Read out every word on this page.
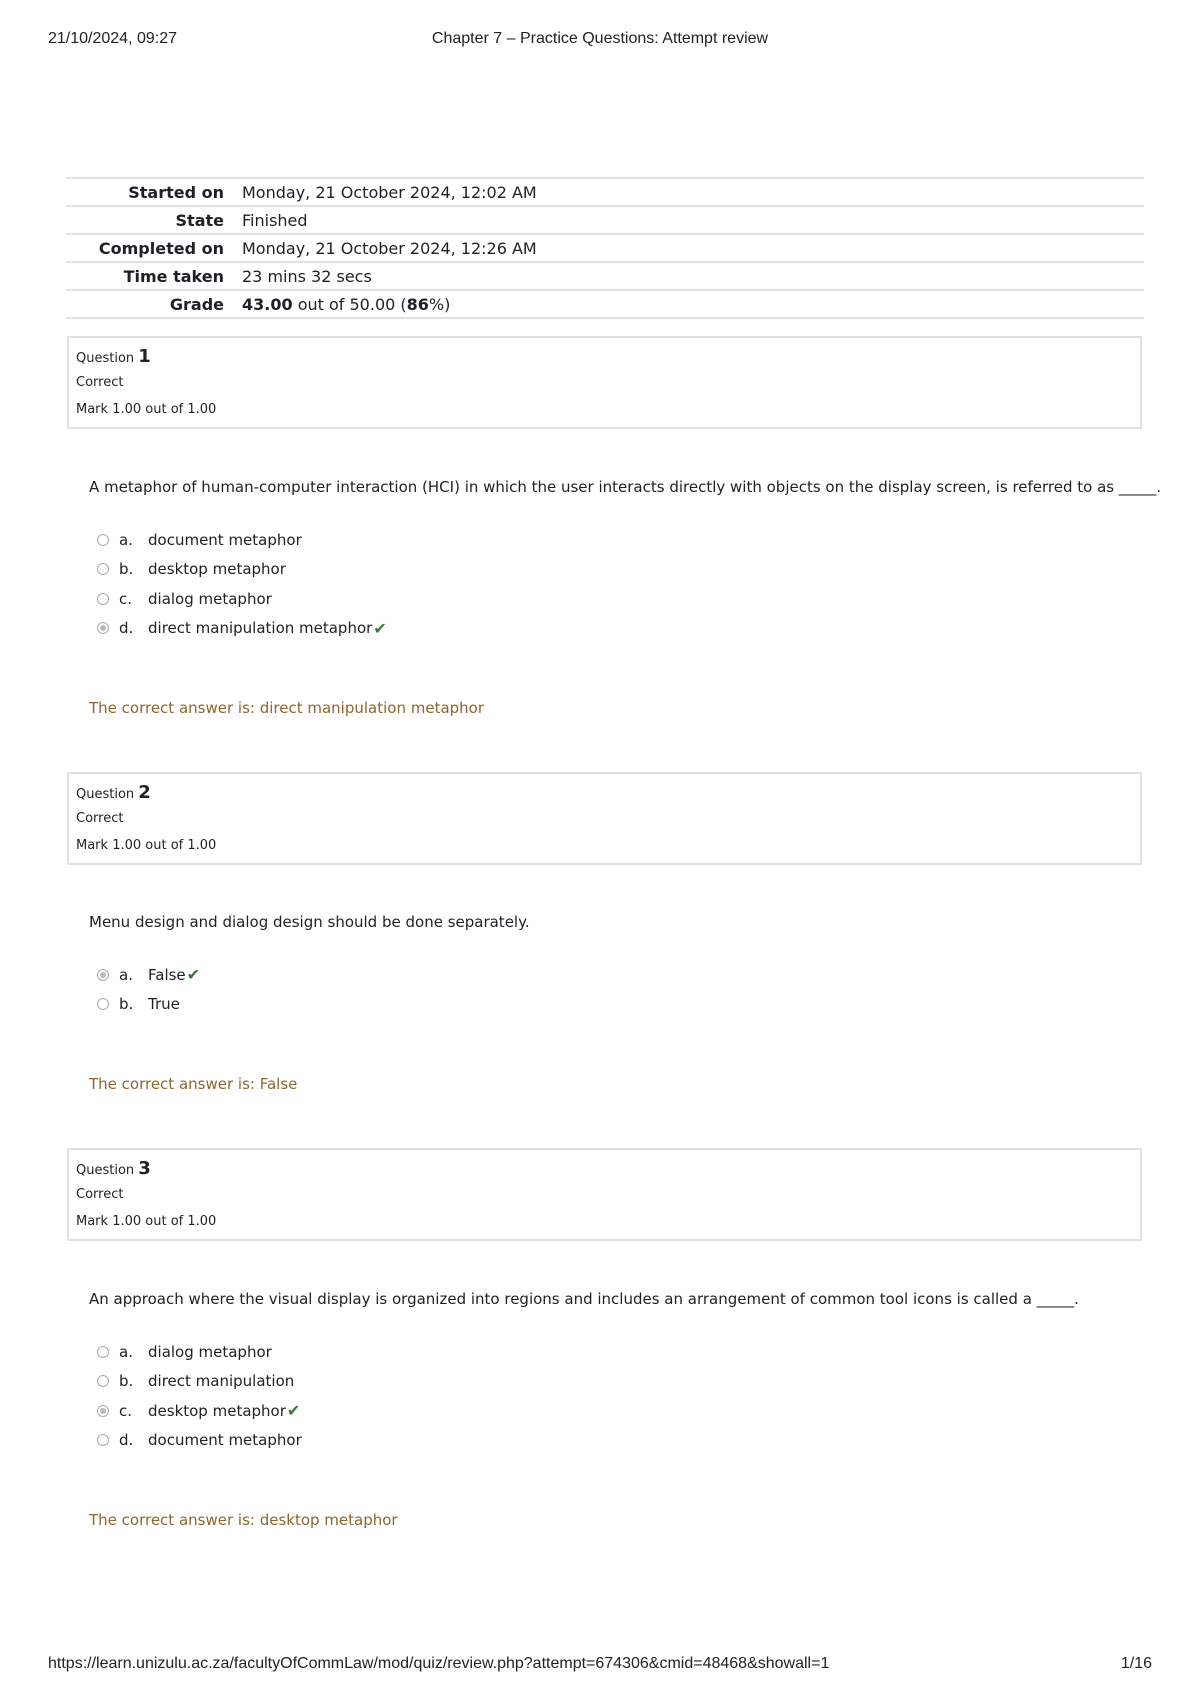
21/10/2024, 09:27	Chapter 7 – Practice Questions: Attempt review
Started on	Monday, 21 October 2024, 12:02 AM
State	Finished
Completed on	Monday, 21 October 2024, 12:26 AM
Time taken	23 mins 32 secs
Grade	43.00 out of 50.00 (86%)
Question 1
Correct
Mark 1.00 out of 1.00
A metaphor of human-computer interaction (HCI) in which the user interacts directly with objects on the display screen, is referred to as _____.
a.	document metaphor
b. desktop metaphor
c.	dialog metaphor
d. direct manipulation metaphor ✔
The correct answer is: direct manipulation metaphor
Question 2
Correct
Mark 1.00 out of 1.00
Menu design and dialog design should be done separately.
a.	False ✔
b. True
The correct answer is: False
Question 3
Correct
Mark 1.00 out of 1.00
An approach where the visual display is organized into regions and includes an arrangement of common tool icons is called a _____.
a.	dialog metaphor
b. direct manipulation
c.	desktop metaphor ✔
d. document metaphor
The correct answer is: desktop metaphor
https://learn.unizulu.ac.za/facultyOfCommLaw/mod/quiz/review.php?attempt=674306&cmid=48468&showall=1	1/16
